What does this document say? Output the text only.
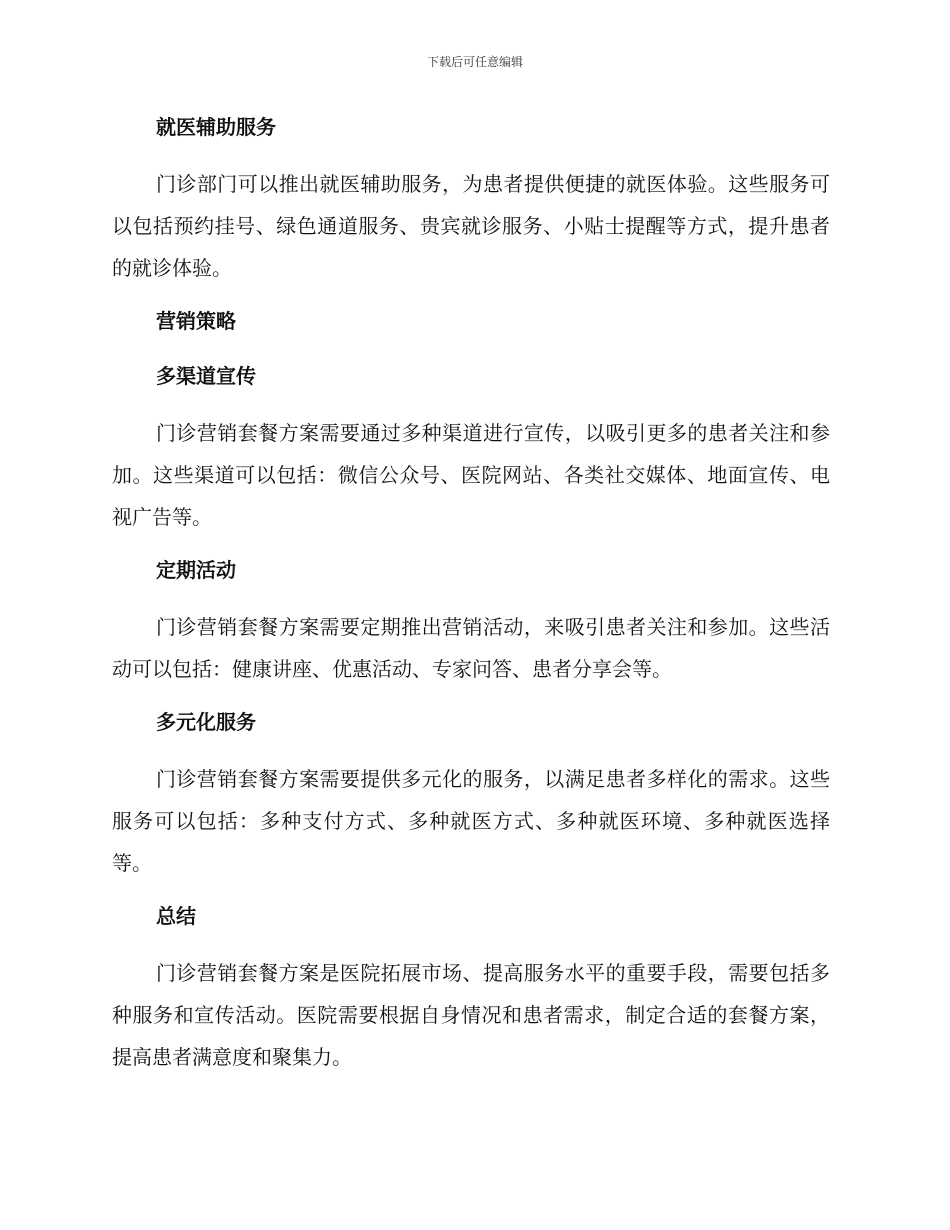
下载后可任意编辑
就医辅助服务

门诊部门可以推出就医辅助服务，为患者提供便捷的就医体验。这些服务可以包括预约挂号、绿色通道服务、贵宾就诊服务、小贴士提醒等方式，提升患者的就诊体验。

营销策略
多渠道宣传

门诊营销套餐方案需要通过多种渠道进行宣传，以吸引更多的患者关注和参加。这些渠道可以包括：微信公众号、医院网站、各类社交媒体、地面宣传、电视广告等。

定期活动

门诊营销套餐方案需要定期推出营销活动，来吸引患者关注和参加。这些活动可以包括：健康讲座、优惠活动、专家问答、患者分享会等。

多元化服务

门诊营销套餐方案需要提供多元化的服务，以满足患者多样化的需求。这些服务可以包括：多种支付方式、多种就医方式、多种就医环境、多种就医选择等。

总结

门诊营销套餐方案是医院拓展市场、提高服务水平的重要手段，需要包括多种服务和宣传活动。医院需要根据自身情况和患者需求，制定合适的套餐方案，提高患者满意度和聚集力。
